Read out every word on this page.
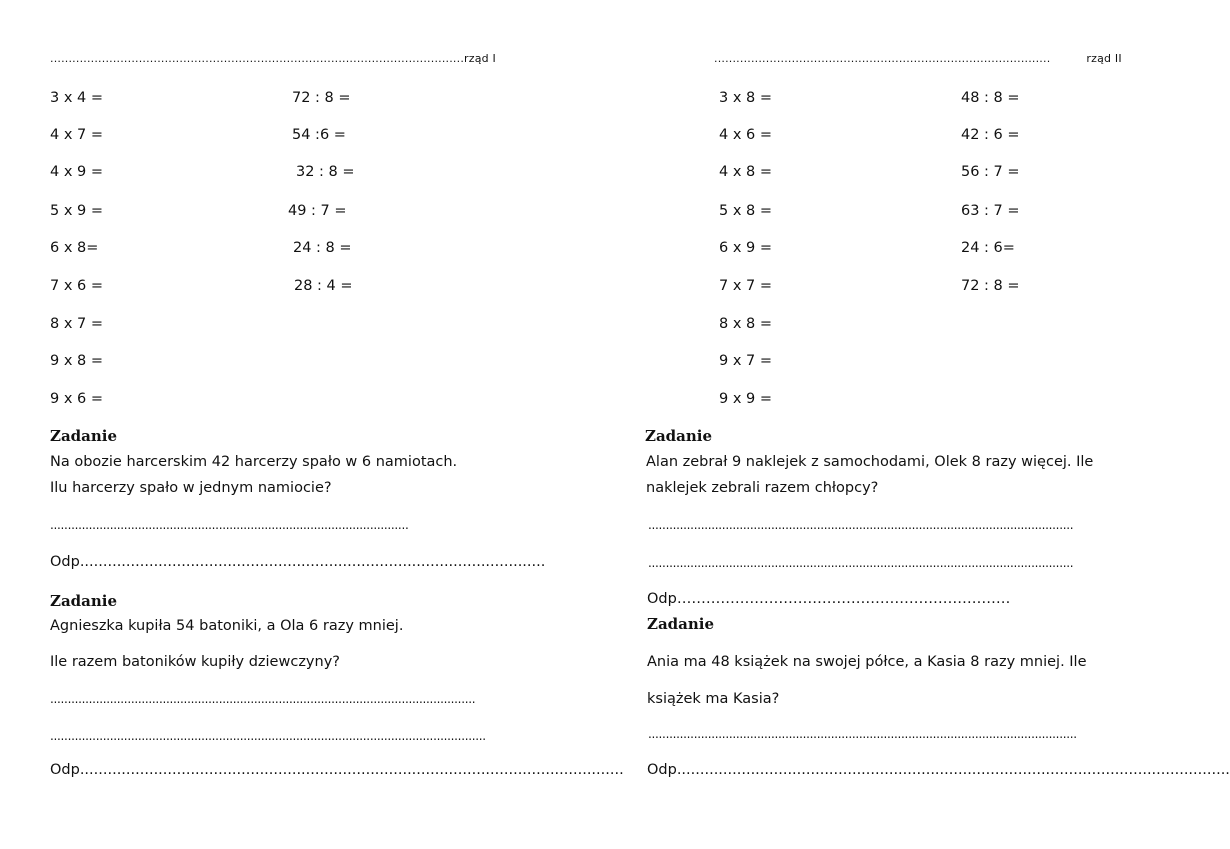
................................................................................................................rząd I
3 x 4 =
4 x 7 =
4 x 9 =
5 x 9 =
6 x 8=
7 x 6 =
8 x 7 =
9 x 8 =
9 x 6 =
72 : 8 =
54 :6 =
32 : 8 =
49 : 7 =
24 : 8 =
28 : 4 =
Zadanie
Na obozie harcerskim 42 harcerzy spało w 6 namiotach.
Ilu harcerzy spało w jednym namiocie?
......................................................................................................
Odp.....................................................................................................
Zadanie
Agnieszka kupiła 54 batoniki, a Ola 6 razy mniej.
Ile razem batoników kupiły dziewczyny?
.........................................................................................................................
............................................................................................................................
Odp......................................................................................................................
...........................................................................................	rząd II
3 x 8 =
4 x 6 =
4 x 8 =
5 x 8 =
6 x 9 =
7 x 7 =
8 x 8 =
9 x 7 =
9 x 9 =
48 : 8 =
42 : 6 =
56 : 7 =
63 : 7 =
24 : 6=
72 : 8 =
Zadanie
Alan zebrał 9 naklejek z samochodami, Olek 8 razy więcej. Ile
naklejek zebrali razem chłopcy?
.........................................................................................................................
.........................................................................................................................
Odp……………………………………………………………
Zadanie
Ania ma 48 książek na swojej półce, a Kasia 8 razy mniej. Ile
książek ma Kasia?
..........................................................................................................................
Odp........................................................................................................................
